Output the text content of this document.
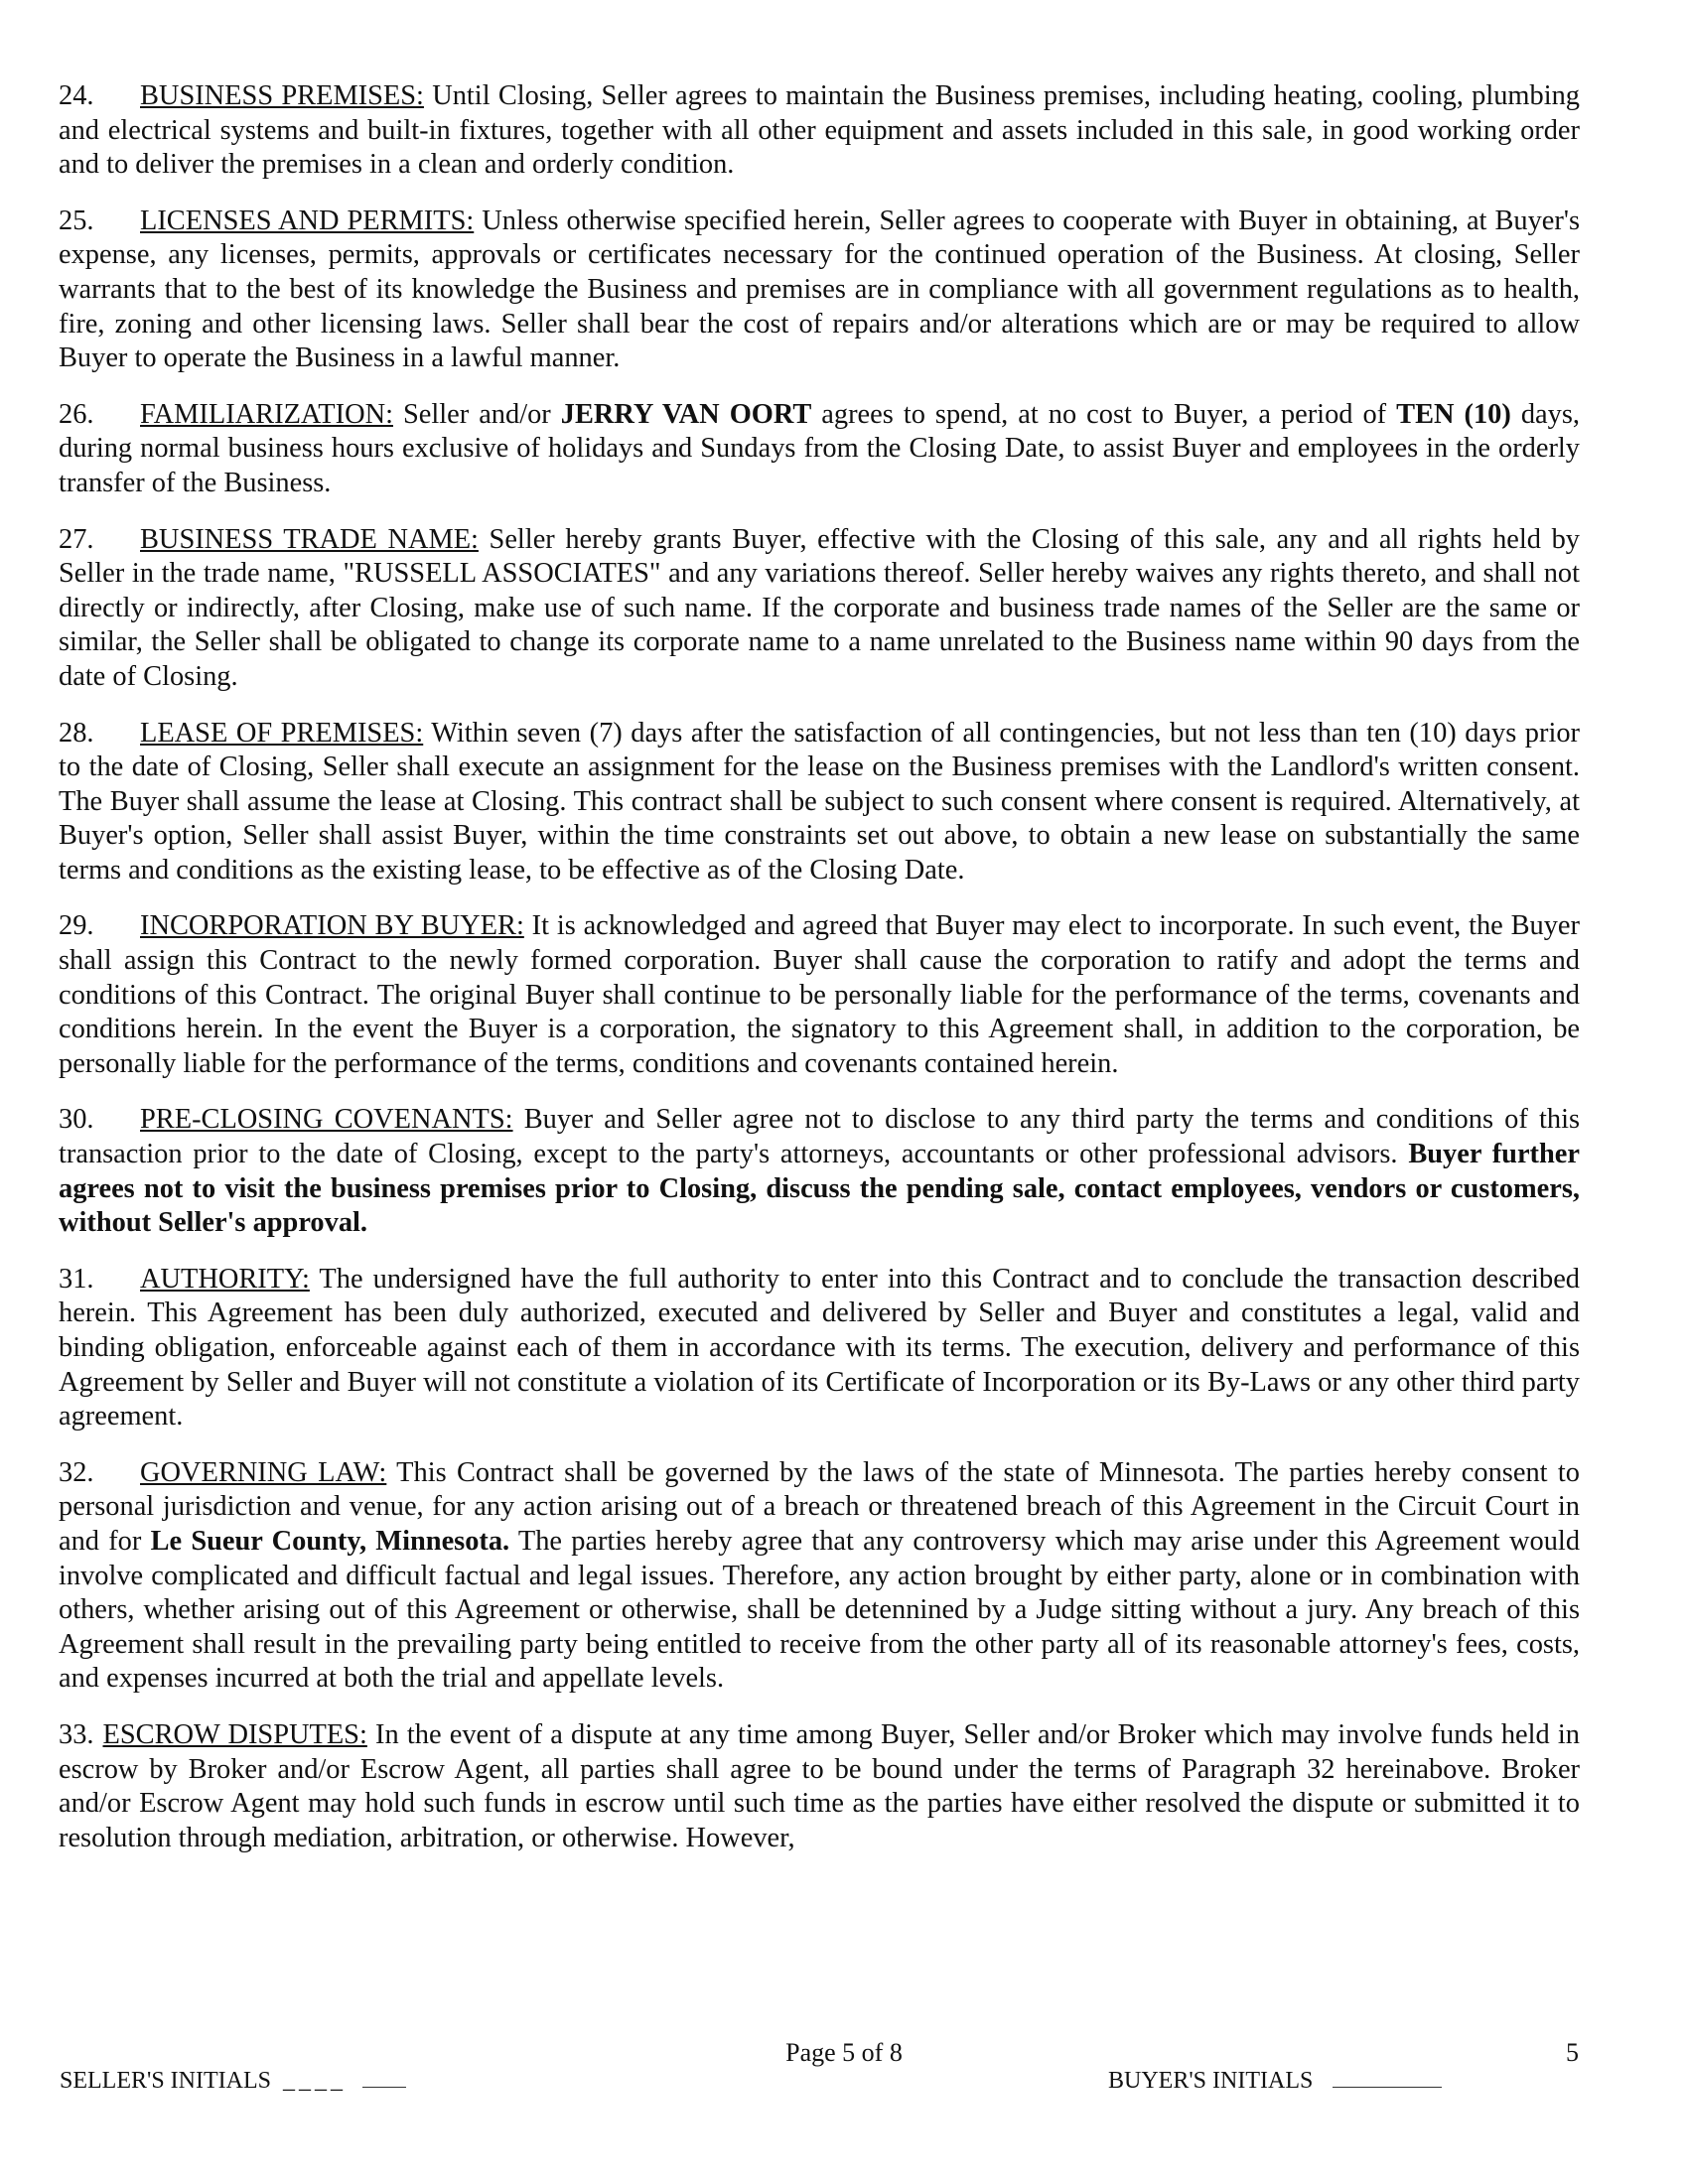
24. BUSINESS PREMISES: Until Closing, Seller agrees to maintain the Business premises, including heating, cooling, plumbing and electrical systems and built-in fixtures, together with all other equipment and assets included in this sale, in good working order and to deliver the premises in a clean and orderly condition.

25. LICENSES AND PERMITS: Unless otherwise specified herein, Seller agrees to cooperate with Buyer in obtaining, at Buyer's expense, any licenses, permits, approvals or certificates necessary for the continued operation of the Business. At closing, Seller warrants that to the best of its knowledge the Business and premises are in compliance with all government regulations as to health, fire, zoning and other licensing laws. Seller shall bear the cost of repairs and/or alterations which are or may be required to allow Buyer to operate the Business in a lawful manner.

26. FAMILIARIZATION: Seller and/or JERRY VAN OORT agrees to spend, at no cost to Buyer, a period of TEN (10) days, during normal business hours exclusive of holidays and Sundays from the Closing Date, to assist Buyer and employees in the orderly transfer of the Business.

27. BUSINESS TRADE NAME: Seller hereby grants Buyer, effective with the Closing of this sale, any and all rights held by Seller in the trade name, "RUSSELL ASSOCIATES" and any variations thereof. Seller hereby waives any rights thereto, and shall not directly or indirectly, after Closing, make use of such name. If the corporate and business trade names of the Seller are the same or similar, the Seller shall be obligated to change its corporate name to a name unrelated to the Business name within 90 days from the date of Closing.

28. LEASE OF PREMISES: Within seven (7) days after the satisfaction of all contingencies, but not less than ten (10) days prior to the date of Closing, Seller shall execute an assignment for the lease on the Business premises with the Landlord's written consent. The Buyer shall assume the lease at Closing. This contract shall be subject to such consent where consent is required. Alternatively, at Buyer's option, Seller shall assist Buyer, within the time constraints set out above, to obtain a new lease on substantially the same terms and conditions as the existing lease, to be effective as of the Closing Date.

29. INCORPORATION BY BUYER: It is acknowledged and agreed that Buyer may elect to incorporate. In such event, the Buyer shall assign this Contract to the newly formed corporation. Buyer shall cause the corporation to ratify and adopt the terms and conditions of this Contract. The original Buyer shall continue to be personally liable for the performance of the terms, covenants and conditions herein. In the event the Buyer is a corporation, the signatory to this Agreement shall, in addition to the corporation, be personally liable for the performance of the terms, conditions and covenants contained herein.

30. PRE-CLOSING COVENANTS: Buyer and Seller agree not to disclose to any third party the terms and conditions of this transaction prior to the date of Closing, except to the party's attorneys, accountants or other professional advisors. Buyer further agrees not to visit the business premises prior to Closing, discuss the pending sale, contact employees, vendors or customers, without Seller's approval.

31. AUTHORITY: The undersigned have the full authority to enter into this Contract and to conclude the transaction described herein. This Agreement has been duly authorized, executed and delivered by Seller and Buyer and constitutes a legal, valid and binding obligation, enforceable against each of them in accordance with its terms. The execution, delivery and performance of this Agreement by Seller and Buyer will not constitute a violation of its Certificate of Incorporation or its By-Laws or any other third party agreement.

32. GOVERNING LAW: This Contract shall be governed by the laws of the state of Minnesota. The parties hereby consent to personal jurisdiction and venue, for any action arising out of a breach or threatened breach of this Agreement in the Circuit Court in and for Le Sueur County, Minnesota. The parties hereby agree that any controversy which may arise under this Agreement would involve complicated and difficult factual and legal issues. Therefore, any action brought by either party, alone or in combination with others, whether arising out of this Agreement or otherwise, shall be detennined by a Judge sitting without a jury. Any breach of this Agreement shall result in the prevailing party being entitled to receive from the other party all of its reasonable attorney's fees, costs, and expenses incurred at both the trial and appellate levels.

33. ESCROW DISPUTES: In the event of a dispute at any time among Buyer, Seller and/or Broker which may involve funds held in escrow by Broker and/or Escrow Agent, all parties shall agree to be bound under the terms of Paragraph 32 hereinabove. Broker and/or Escrow Agent may hold such funds in escrow until such time as the parties have either resolved the dispute or submitted it to resolution through mediation, arbitration, or otherwise. However,

Page 5 of 8	5
SELLER'S INITIALS ____	BUYER'S INITIALS
